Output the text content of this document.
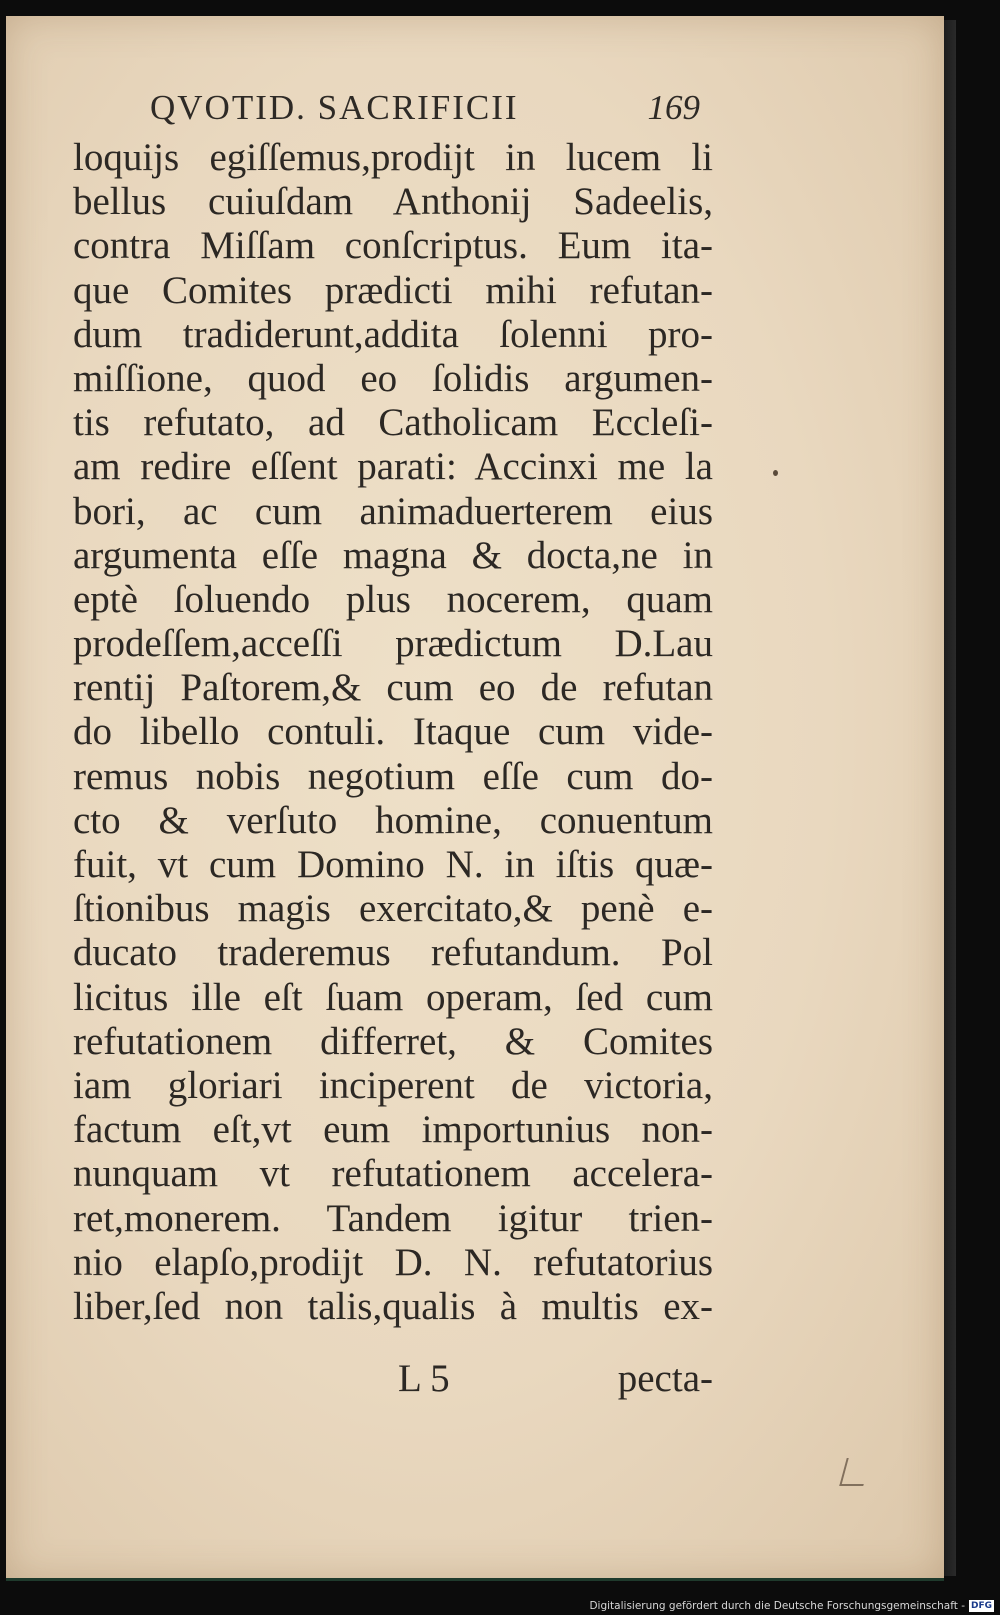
QVOTID. SACRIFICII	169
loquijs egiſſemus,prodijt in lucem li
bellus cuiuſdam Anthonij Sadeelis,
contra Miſſam conſcriptus. Eum ita-
que Comites prædicti mihi refutan-
dum tradiderunt,addita ſolenni pro-
miſſione, quod eo ſolidis argumen-
tis refutato, ad Catholicam Eccleſi-
am redire eſſent parati: Accinxi me la
bori, ac cum animaduerterem eius
argumenta eſſe magna & docta,ne in
eptè ſoluendo plus nocerem, quam
prodeſſem,acceſſi prædictum D.Lau
rentij Paſtorem,& cum eo de refutan
do libello contuli. Itaque cum vide-
remus nobis negotium eſſe cum do-
cto & verſuto homine, conuentum
fuit, vt cum Domino N. in iſtis quæ-
ſtionibus magis exercitato,& penè e-
ducato traderemus refutandum. Pol
licitus ille eſt ſuam operam, ſed cum
refutationem differret, & Comites
iam gloriari inciperent de victoria,
factum eſt,vt eum importunius non-
nunquam vt refutationem accelera-
ret,monerem. Tandem igitur trien-
nio elapſo,prodijt D. N. refutatorius
liber,ſed non talis,qualis à multis ex-
L 5	pecta-
Digitalisierung gefördert durch die Deutsche Forschungsgemeinschaft - DFG
